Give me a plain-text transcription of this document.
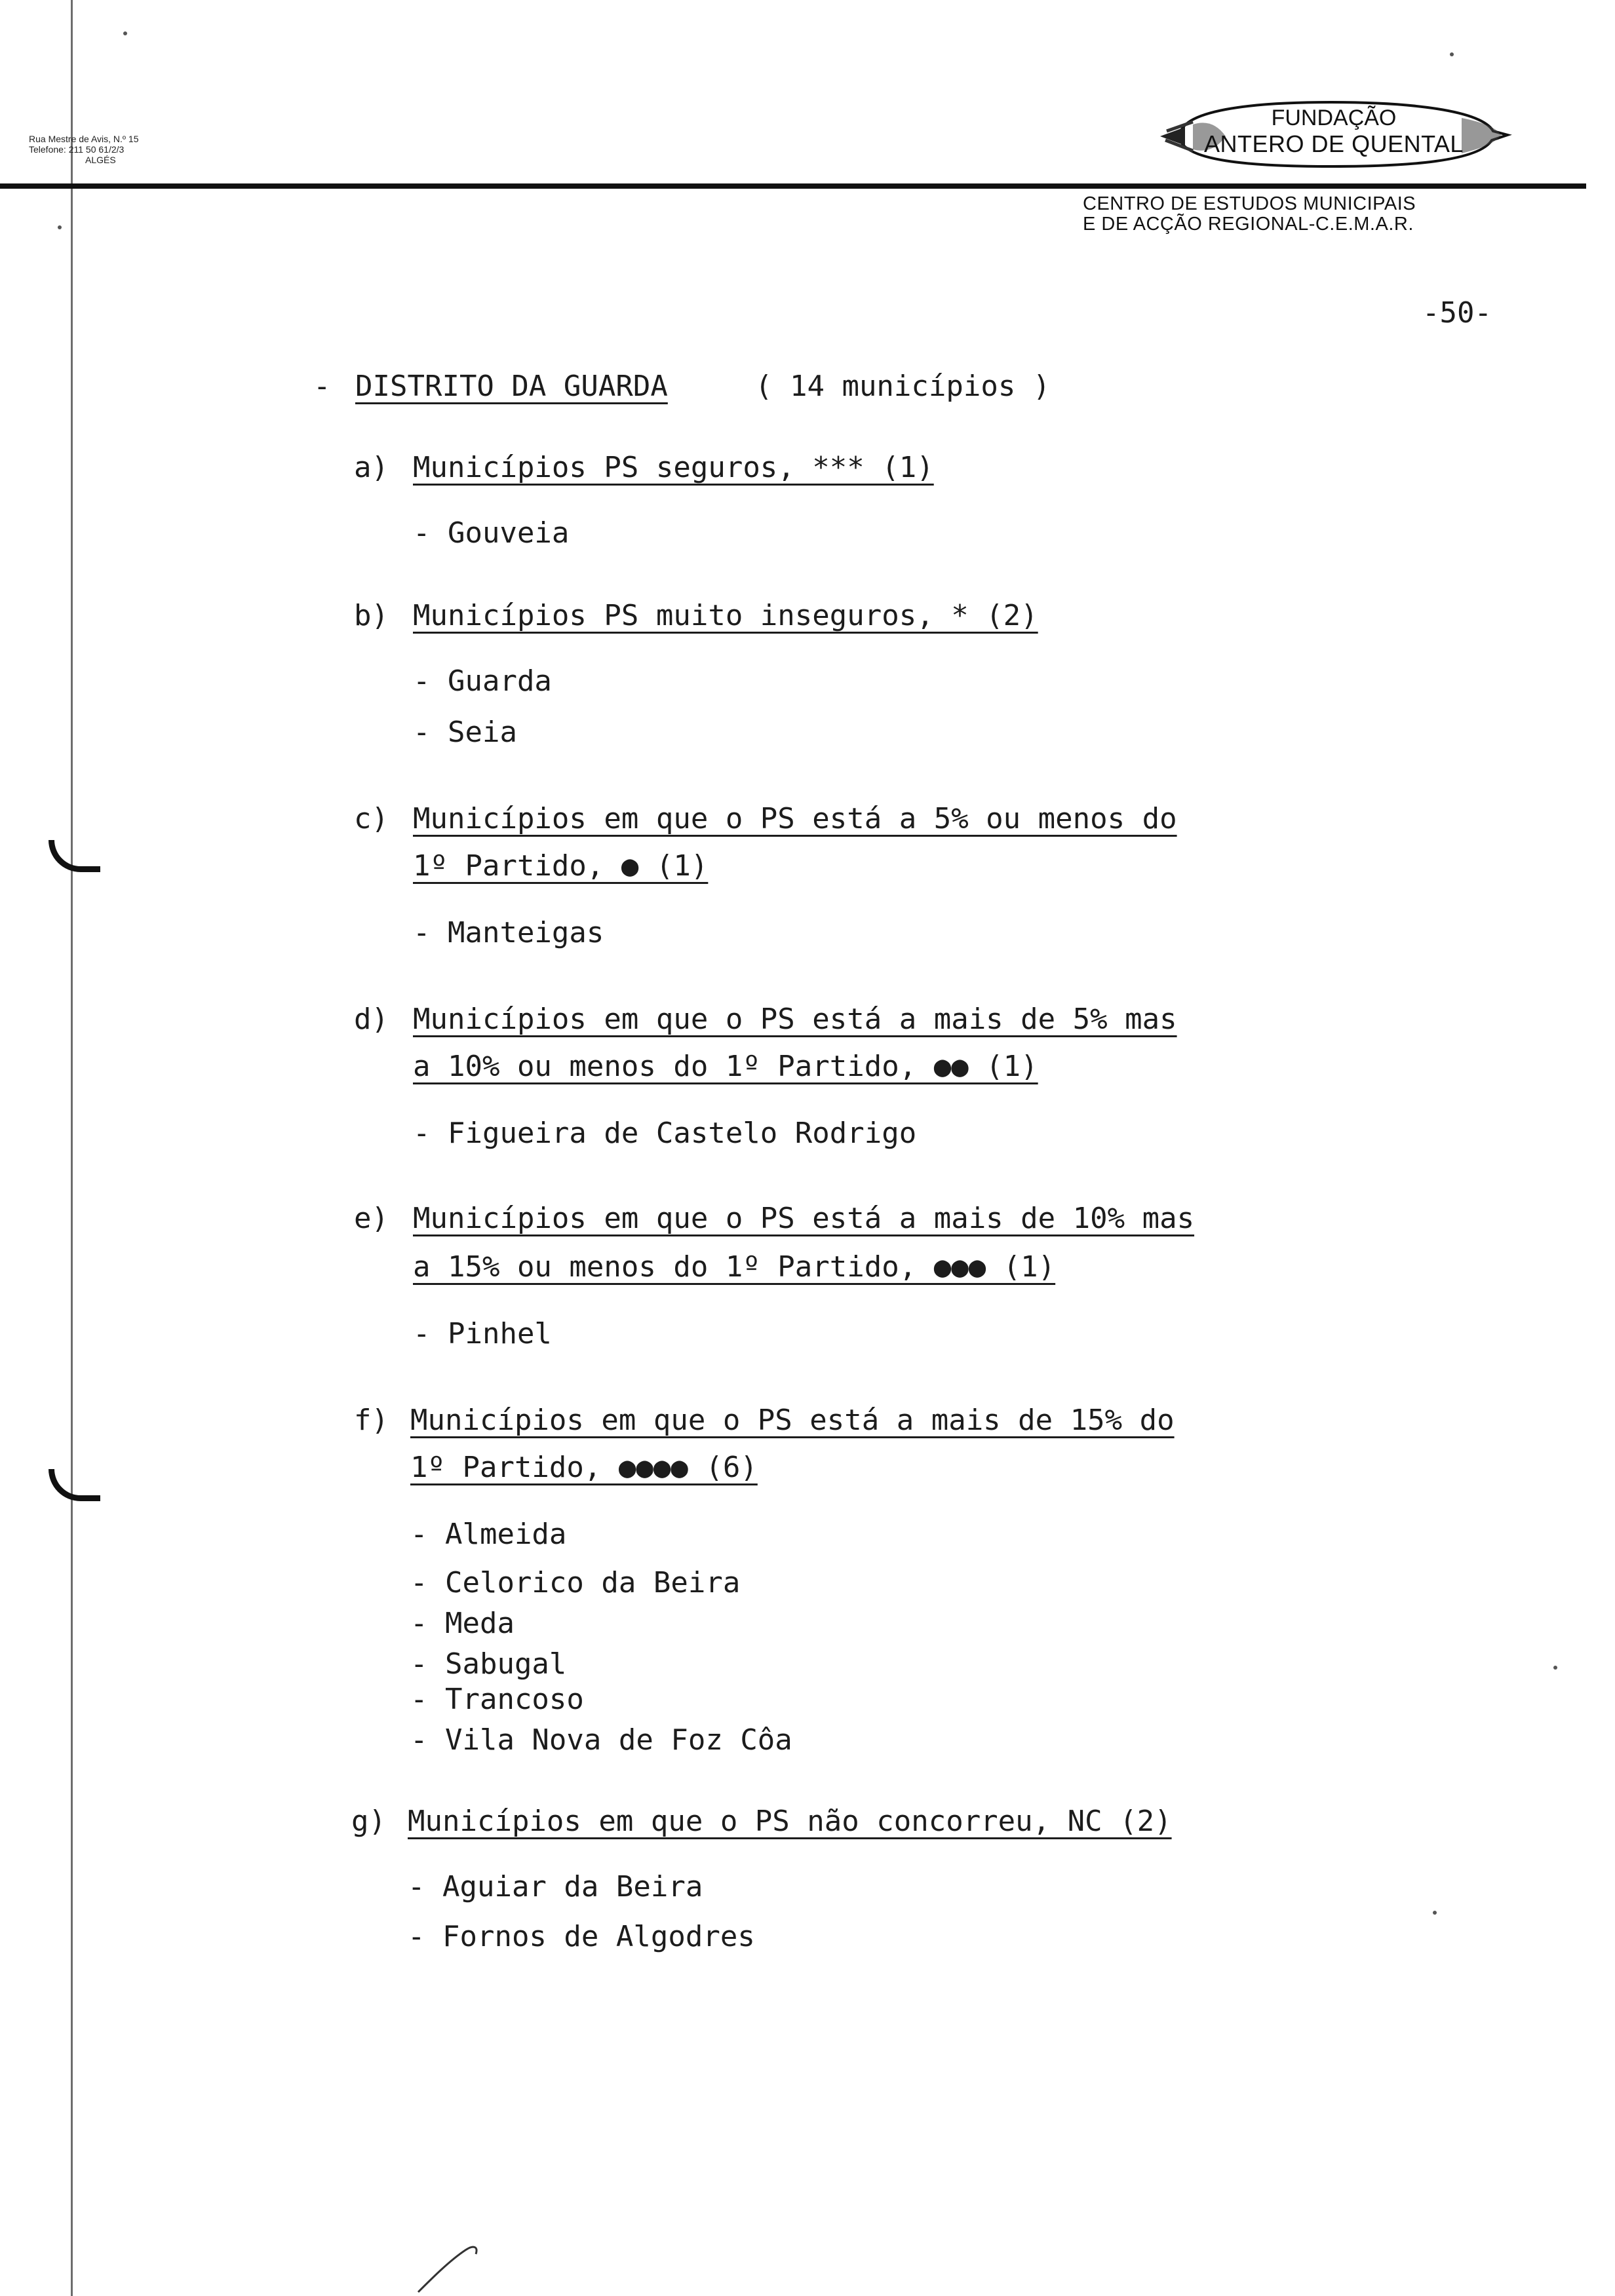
Rua Mestre de Avis, N.º 15
Telefone: 211 50 61/2/3
ALGÉS
FUNDAÇÃO
ANTERO DE QUENTAL
CENTRO DE ESTUDOS MUNICIPAIS
E DE ACÇÃO REGIONAL-C.E.M.A.R.
-50-
- DISTRITO DA GUARDA	( 14 municípios )
a) Municípios PS seguros, *** (1)
- Gouveia
b) Municípios PS muito inseguros, * (2)
- Guarda
- Seia
c) Municípios em que o PS está a 5% ou menos do
1º Partido, ● (1)
- Manteigas
d) Municípios em que o PS está a mais de 5% mas
a 10% ou menos do 1º Partido, ●● (1)
- Figueira de Castelo Rodrigo
e) Municípios em que o PS está a mais de 10% mas
a 15% ou menos do 1º Partido, ●●● (1)
- Pinhel
f) Municípios em que o PS está a mais de 15% do
1º Partido, ●●●● (6)
- Almeida
- Celorico da Beira
- Meda
- Sabugal
- Trancoso
- Vila Nova de Foz Côa
g) Municípios em que o PS não concorreu, NC (2)
- Aguiar da Beira
- Fornos de Algodres
